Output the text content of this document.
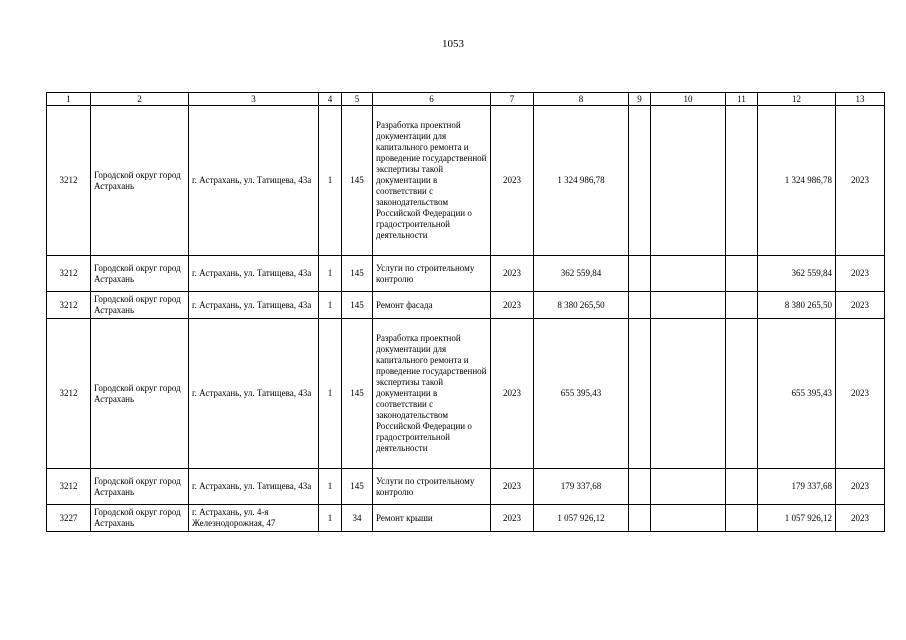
1053
1	2	3	4	5	6	7	8	9	10	11	12	13
3212	Городской округ город Астрахань	г. Астрахань, ул. Татищева, 43а	1	145	Разработка проектной документации для капитального ремонта и проведение государственной экспертизы такой документации в соответствии с законодательством Российской Федерации о градостроительной деятельности	2023	1 324 986,78				1 324 986,78	2023
3212	Городской округ город Астрахань	г. Астрахань, ул. Татищева, 43а	1	145	Услуги по строительному контролю	2023	362 559,84				362 559,84	2023
3212	Городской округ город Астрахань	г. Астрахань, ул. Татищева, 43а	1	145	Ремонт фасада	2023	8 380 265,50				8 380 265,50	2023
3212	Городской округ город Астрахань	г. Астрахань, ул. Татищева, 43а	1	145	Разработка проектной документации для капитального ремонта и проведение государственной экспертизы такой документации в соответствии с законодательством Российской Федерации о градостроительной деятельности	2023	655 395,43				655 395,43	2023
3212	Городской округ город Астрахань	г. Астрахань, ул. Татищева, 43а	1	145	Услуги по строительному контролю	2023	179 337,68				179 337,68	2023
3227	Городской округ город Астрахань	г. Астрахань, ул. 4-я Железнодорожная, 47	1	34	Ремонт крыши	2023	1 057 926,12				1 057 926,12	2023
